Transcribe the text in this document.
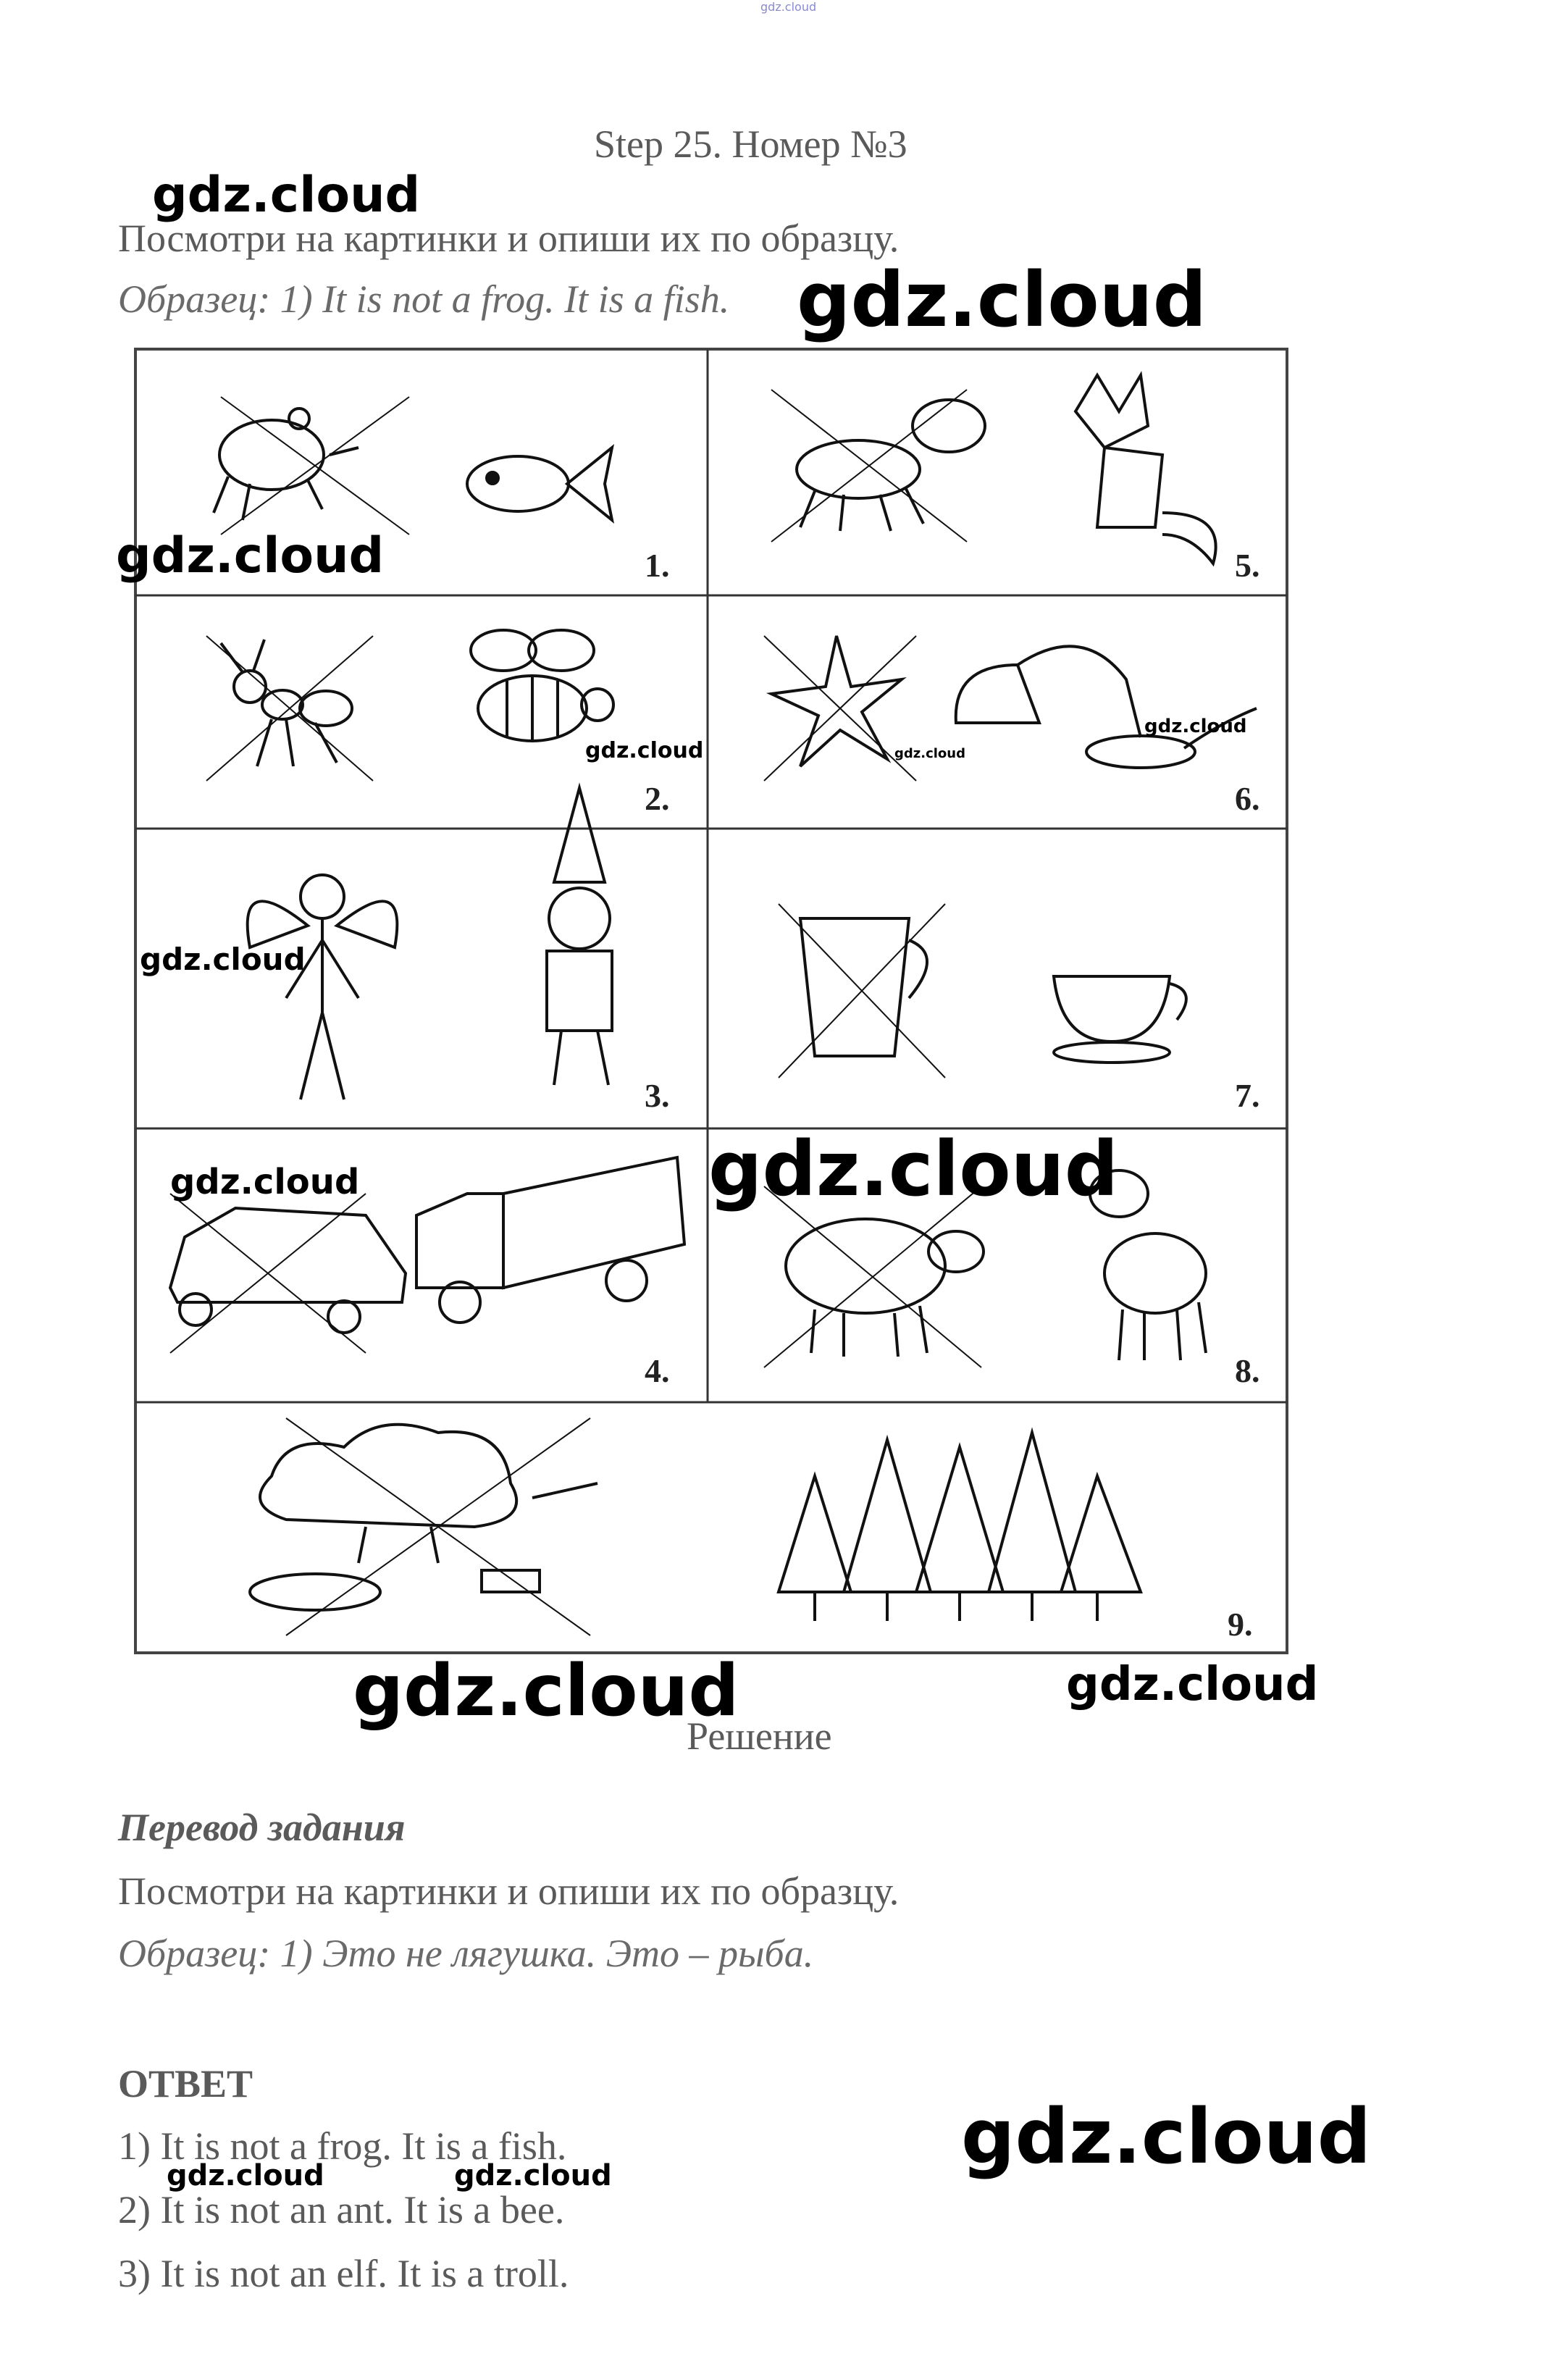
gdz.cloud
Step 25. Номер №3
Посмотри на картинки и опиши их по образцу.
Образец: 1) It is not a frog. It is a fish.
1.
2.
3.
4.
5.
6.
7.
8.
9.
Решение
Перевод задания
Посмотри на картинки и опиши их по образцу.
Образец: 1) Это не лягушка. Это – рыба.
ОТВЕТ
1) It is not a frog. It is a fish.
2) It is not an ant. It is a bee.
3) It is not an elf. It is a troll.
gdz.cloud
gdz.cloud
gdz.cloud
gdz.cloud	gdz.cloud
gdz.cloud
gdz.cloud
gdz.cloud	gdz.cloud
gdz.cloud	gdz.cloud
gdz.cloud
gdz.cloud	gdz.cloud
